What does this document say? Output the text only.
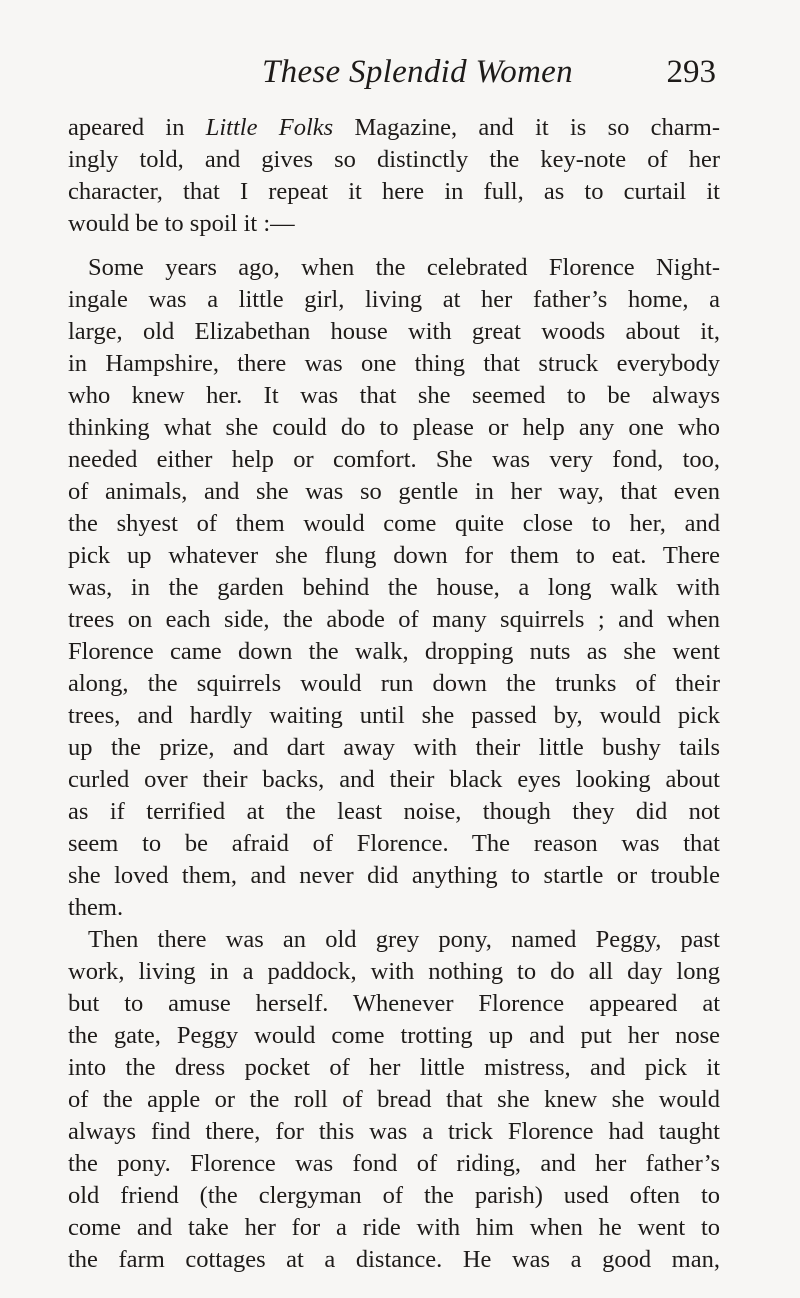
These Splendid Women	293
apeared in Little Folks Magazine, and it is so charm-
ingly told, and gives so distinctly the key-note of her
character, that I repeat it here in full, as to curtail it
would be to spoil it :—
Some years ago, when the celebrated Florence Night-
ingale was a little girl, living at her father’s home, a
large, old Elizabethan house with great woods about it,
in Hampshire, there was one thing that struck everybody
who knew her. It was that she seemed to be always
thinking what she could do to please or help any one who
needed either help or comfort. She was very fond, too,
of animals, and she was so gentle in her way, that even
the shyest of them would come quite close to her, and
pick up whatever she flung down for them to eat. There
was, in the garden behind the house, a long walk with
trees on each side, the abode of many squirrels ; and when
Florence came down the walk, dropping nuts as she went
along, the squirrels would run down the trunks of their
trees, and hardly waiting until she passed by, would pick
up the prize, and dart away with their little bushy tails
curled over their backs, and their black eyes looking about
as if terrified at the least noise, though they did not
seem to be afraid of Florence. The reason was that
she loved them, and never did anything to startle or trouble
them.
Then there was an old grey pony, named Peggy, past
work, living in a paddock, with nothing to do all day long
but to amuse herself. Whenever Florence appeared at
the gate, Peggy would come trotting up and put her nose
into the dress pocket of her little mistress, and pick it
of the apple or the roll of bread that she knew she would
always find there, for this was a trick Florence had taught
the pony. Florence was fond of riding, and her father’s
old friend (the clergyman of the parish) used often to
come and take her for a ride with him when he went to
the farm cottages at a distance. He was a good man,
